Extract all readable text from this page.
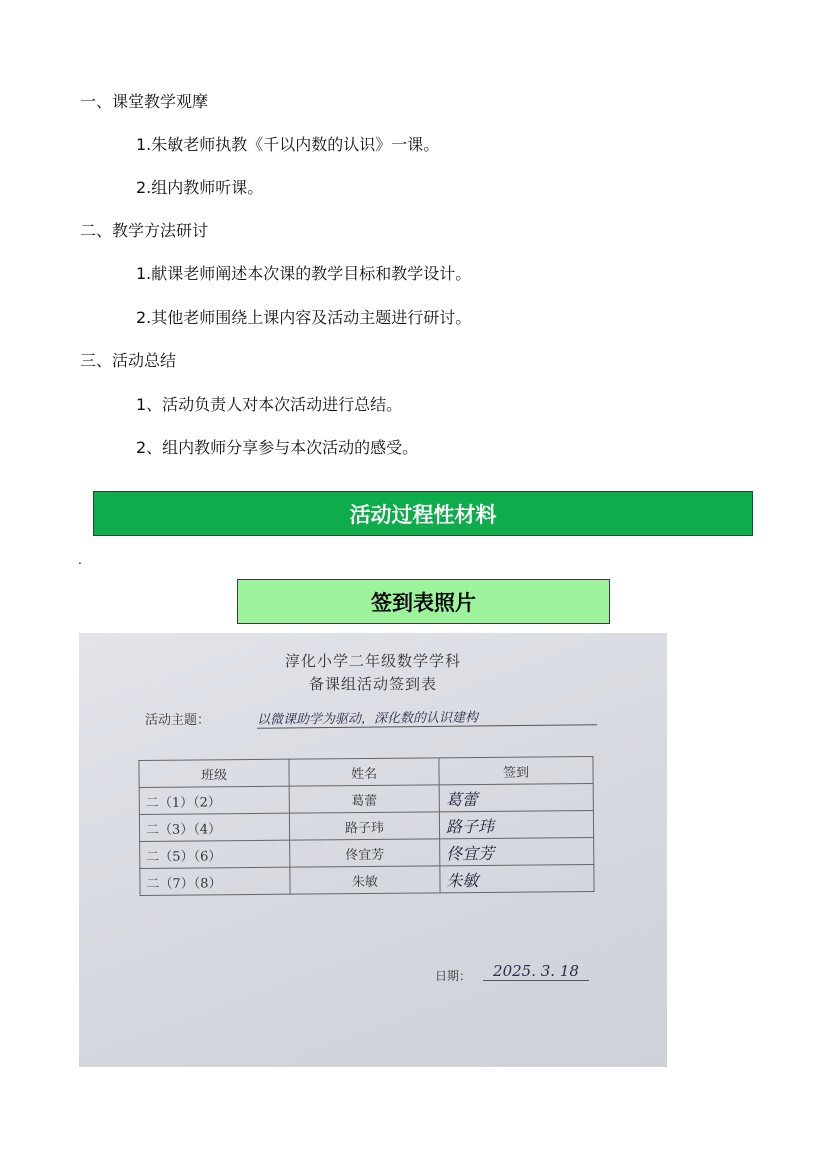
一、课堂教学观摩
1.朱敏老师执教《千以内数的认识》一课。
2.组内教师听课。
二、教学方法研讨
1.献课老师阐述本次课的教学目标和教学设计。
2.其他老师围绕上课内容及活动主题进行研讨。
三、活动总结
1、活动负责人对本次活动进行总结。
2、组内教师分享参与本次活动的感受。
活动过程性材料
.
签到表照片
淳化小学二年级数学学科
备课组活动签到表
活动主题：	以微课助学为驱动，深化数的认识建构
班级	姓名	签到
二（1）（2）	葛蕾	葛蕾
二（3）（4）	路子玮	路子玮
二（5）（6）	佟宜芳	佟宜芳
二（7）（8）	朱敏	朱敏
日期：	2025. 3. 18
